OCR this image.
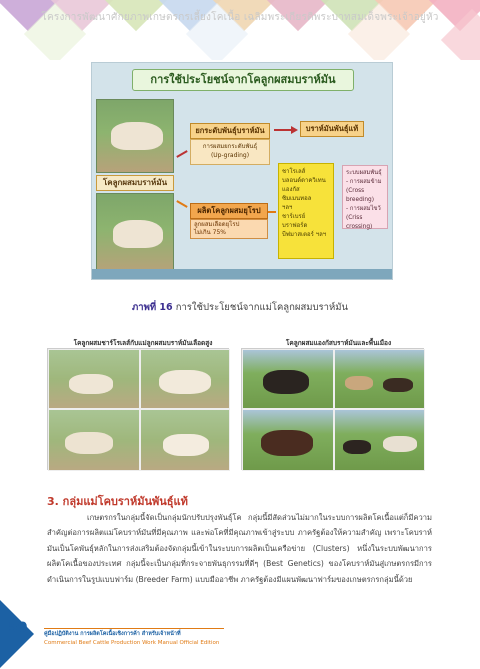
โครงการพัฒนาศักยภาพเกษตรกรเลี้ยงโคเนื้อ เฉลิมพระเกียรติพระบาทสมเด็จพระเจ้าอยู่หัว
การใช้ประโยชน์จากโคลูกผสมบราห์มัน
โคลูกผสมบราห์มัน
ยกระดับพันธุ์บราห์มัน
การผสมยกระดับพันธุ์
(Up-grading)
บราห์มันพันธุ์แท้
ผลิตโคลูกผสมยุโรป
ลูกผสมเลือดยุโรป
ไม่เกิน 75%
ชาโรเลส์
บลอนด์ดาควิเทน
แองกัส
ซิมเมนทอล
ฯลฯ
ชาร์เบรย์
บราฟอร์ด
บีฟมาสเตอร์ ฯลฯ
ระบบผสมพันธุ์
- การผสมข้าม
(Cross breeding)
- การผสมไขว้
(Criss crossing)
ภาพที่ 16 การใช้ประโยชน์จากแม่โคลูกผสมบราห์มัน
โคลูกผสมชาร์โรเลส์กับแม่ลูกผสมบราห์มันเลือดสูง	โคลูกผสมแองกัสบราห์มันและพื้นเมือง
3. กลุ่มแม่โคบราห์มันพันธุ์แท้
เกษตรกรในกลุ่มนี้จัดเป็นกลุ่มนักปรับปรุงพันธุ์โค กลุ่มนี้มีสัดส่วนไม่มากในระบบการผลิตโคเนื้อแต่ก็มีความสำคัญต่อการผลิตแม่โคบราห์มันที่มีคุณภาพ และพ่อโคที่มีคุณภาพเข้าสู่ระบบ ภาครัฐต้องให้ความสำคัญ เพราะโคบราห์มันเป็นโคพันธุ์หลักในการส่งเสริมต้องจัดกลุ่มนี้เข้าในระบบการผลิตเป็นเครือข่าย (Clusters) หนึ่งในระบบพัฒนาการผลิตโคเนื้อของประเทศ กลุ่มนี้จะเป็นกลุ่มที่กระจายพันธุกรรมที่ดีๆ (Best Genetics) ของโคบราห์มันสู่เกษตรกรมีการดำเนินการในรูปแบบฟาร์ม (Breeder Farm) แบบมืออาชีพ ภาครัฐต้องมีแผนพัฒนาฟาร์มของเกษตรกรกลุ่มนี้ด้วย
50	คู่มือปฏิบัติงาน การผลิตโคเนื้อเชิงการค้า สำหรับเจ้าหน้าที่
Commercial Beef Cattle Production Work Manual Official Edition
